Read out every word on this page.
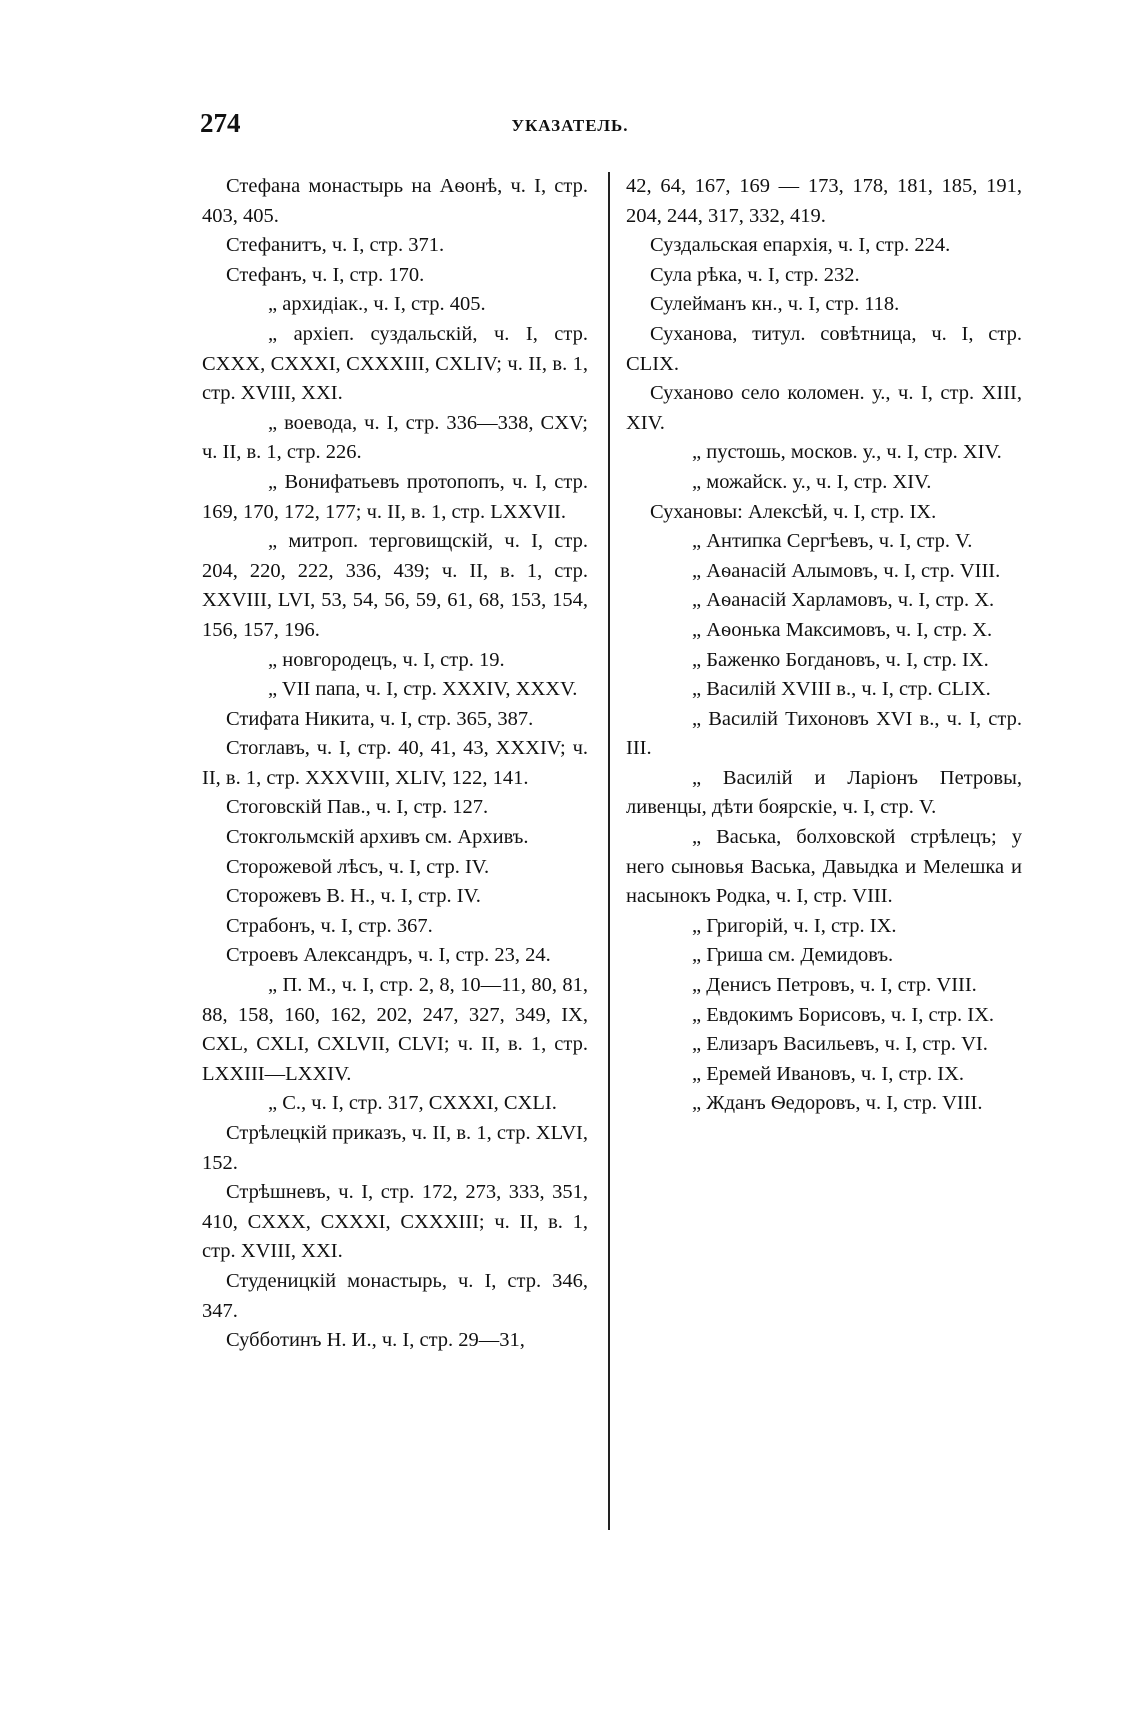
274	УКАЗАТЕЛЬ.

Стефана монастырь на Аѳонѣ, ч. I, стр. 403, 405.

Стефанитъ, ч. I, стр. 371.

Стефанъ, ч. I, стр. 170.

„ архидіак., ч. I, стр. 405.

„ архіеп. суздальскій, ч. I, стр. CXXX, CXXXI, CXXXIII, CXLIV; ч. II, в. 1, стр. XVIII, XXI.

„ воевода, ч. I, стр. 336—338, CXV; ч. II, в. 1, стр. 226.

„ Вонифатьевъ протопопъ, ч. I, стр. 169, 170, 172, 177; ч. II, в. 1, стр. LXXVII.

„ митроп. терговищскій, ч. I, стр. 204, 220, 222, 336, 439; ч. II, в. 1, стр. XXVIII, LVI, 53, 54, 56, 59, 61, 68, 153, 154, 156, 157, 196.

„ новгородецъ, ч. I, стр. 19.

„ VII папа, ч. I, стр. XXXIV, XXXV.

Стифата Никита, ч. I, стр. 365, 387.

Стоглавъ, ч. I, стр. 40, 41, 43, XXXIV; ч. II, в. 1, стр. XXXVIII, XLIV, 122, 141.

Стоговскій Пав., ч. I, стр. 127.

Стокгольмскій архивъ см. Архивъ.

Сторожевой лѣсъ, ч. I, стр. IV.

Сторожевъ В. Н., ч. I, стр. IV.

Страбонъ, ч. I, стр. 367.

Строевъ Александръ, ч. I, стр. 23, 24.

„ П. М., ч. I, стр. 2, 8, 10—11, 80, 81, 88, 158, 160, 162, 202, 247, 327, 349, IX, CXL, CXLI, CXLVII, CLVI; ч. II, в. 1, стр. LXXIII—LXXIV.

„ С., ч. I, стр. 317, CXXXI, CXLI.

Стрѣлецкій приказъ, ч. II, в. 1, стр. XLVI, 152.

Стрѣшневъ, ч. I, стр. 172, 273, 333, 351, 410, CXXX, CXXXI, CXXXIII; ч. II, в. 1, стр. XVIII, XXI.

Студеницкій монастырь, ч. I, стр. 346, 347.

Субботинъ Н. И., ч. I, стр. 29—31,

42, 64, 167, 169 — 173, 178, 181, 185, 191, 204, 244, 317, 332, 419.

Суздальская епархія, ч. I, стр. 224.

Сула рѣка, ч. I, стр. 232.

Сулейманъ кн., ч. I, стр. 118.

Суханова, титул. совѣтница, ч. I, стр. CLIX.

Суханово село коломен. у., ч. I, стр. XIII, XIV.

„ пустошь, москов. у., ч. I, стр. XIV.

„ можайск. у., ч. I, стр. XIV.

Сухановы: Алексѣй, ч. I, стр. IX.

„ Антипка Сергѣевъ, ч. I, стр. V.

„ Аѳанасій Алымовъ, ч. I, стр. VIII.

„ Аѳанасій Харламовъ, ч. I, стр. X.

„ Аѳонька Максимовъ, ч. I, стр. X.

„ Баженко Богдановъ, ч. I, стр. IX.

„ Василій XVIII в., ч. I, стр. CLIX.

„ Василій Тихоновъ XVI в., ч. I, стр. III.

„ Василій и Ларіонъ Петровы, ливенцы, дѣти боярскіе, ч. I, стр. V.

„ Васька, болховской стрѣлецъ; у него сыновья Васька, Давыдка и Мелешка и насынокъ Родка, ч. I, стр. VIII.

„ Григорій, ч. I, стр. IX.

„ Гриша см. Демидовъ.

„ Денисъ Петровъ, ч. I, стр. VIII.

„ Евдокимъ Борисовъ, ч. I, стр. IX.

„ Елизаръ Васильевъ, ч. I, стр. VI.

„ Еремей Ивановъ, ч. I, стр. IX.

„ Жданъ Ѳедоровъ, ч. I, стр. VIII.
